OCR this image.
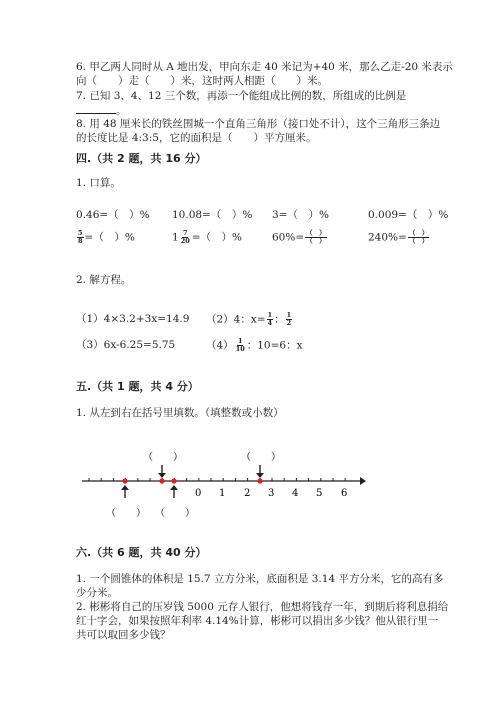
6. 甲乙两人同时从 A 地出发，甲向东走 40 米记为+40 米，那么乙走-20 米表示
向（　　）走（　　）米，这时两人相距（　　）米。
7. 已知 3、4、12 三个数，再添一个能组成比例的数，所组成的比例是
。
8. 用 48 厘米长的铁丝围城一个直角三角形（接口处不计），这个三角形三条边
的长度比是 4:3:5，它的面积是（　　）平方厘米。
四.（共 2 题，共 16 分）
1. 口算。
0.46=（　）% 10.08=（　）% 3=（　）%	0.009=（　）%
$\frac{5}{8}$ =（　）%	$1 \frac{7}{20}$ =（　）%	$60\%= \frac{( )}{( )}$	$240\%= \frac{( )}{( )}$
2. 解方程。
（1）4×3.2+3x=14.9 （2）4：$x= \frac{1}{4}$ ： $\frac{1}{2}$
（3）6x-6.25=5.75	$(4) \frac{1}{10}$ ：10=6：x
五.（共 1 题，共 4 分）
1. 从左到右在括号里填数。（填整数或小数）
（　　）	（　　）
0 1 2 3 4 5 6
（　　） （　　）
六.（共 6 题，共 40 分）
1. 一个圆锥体的体积是 15.7 立方分米，底面积是 3.14 平方分米，它的高有多
少分米。
2. 彬彬将自己的压岁钱 5000 元存人银行，他想将钱存一年，到期后将利息捐给
红十字会，如果按照年利率 4.14%计算，彬彬可以捐出多少钱？他从银行里一
共可以取回多少钱？
